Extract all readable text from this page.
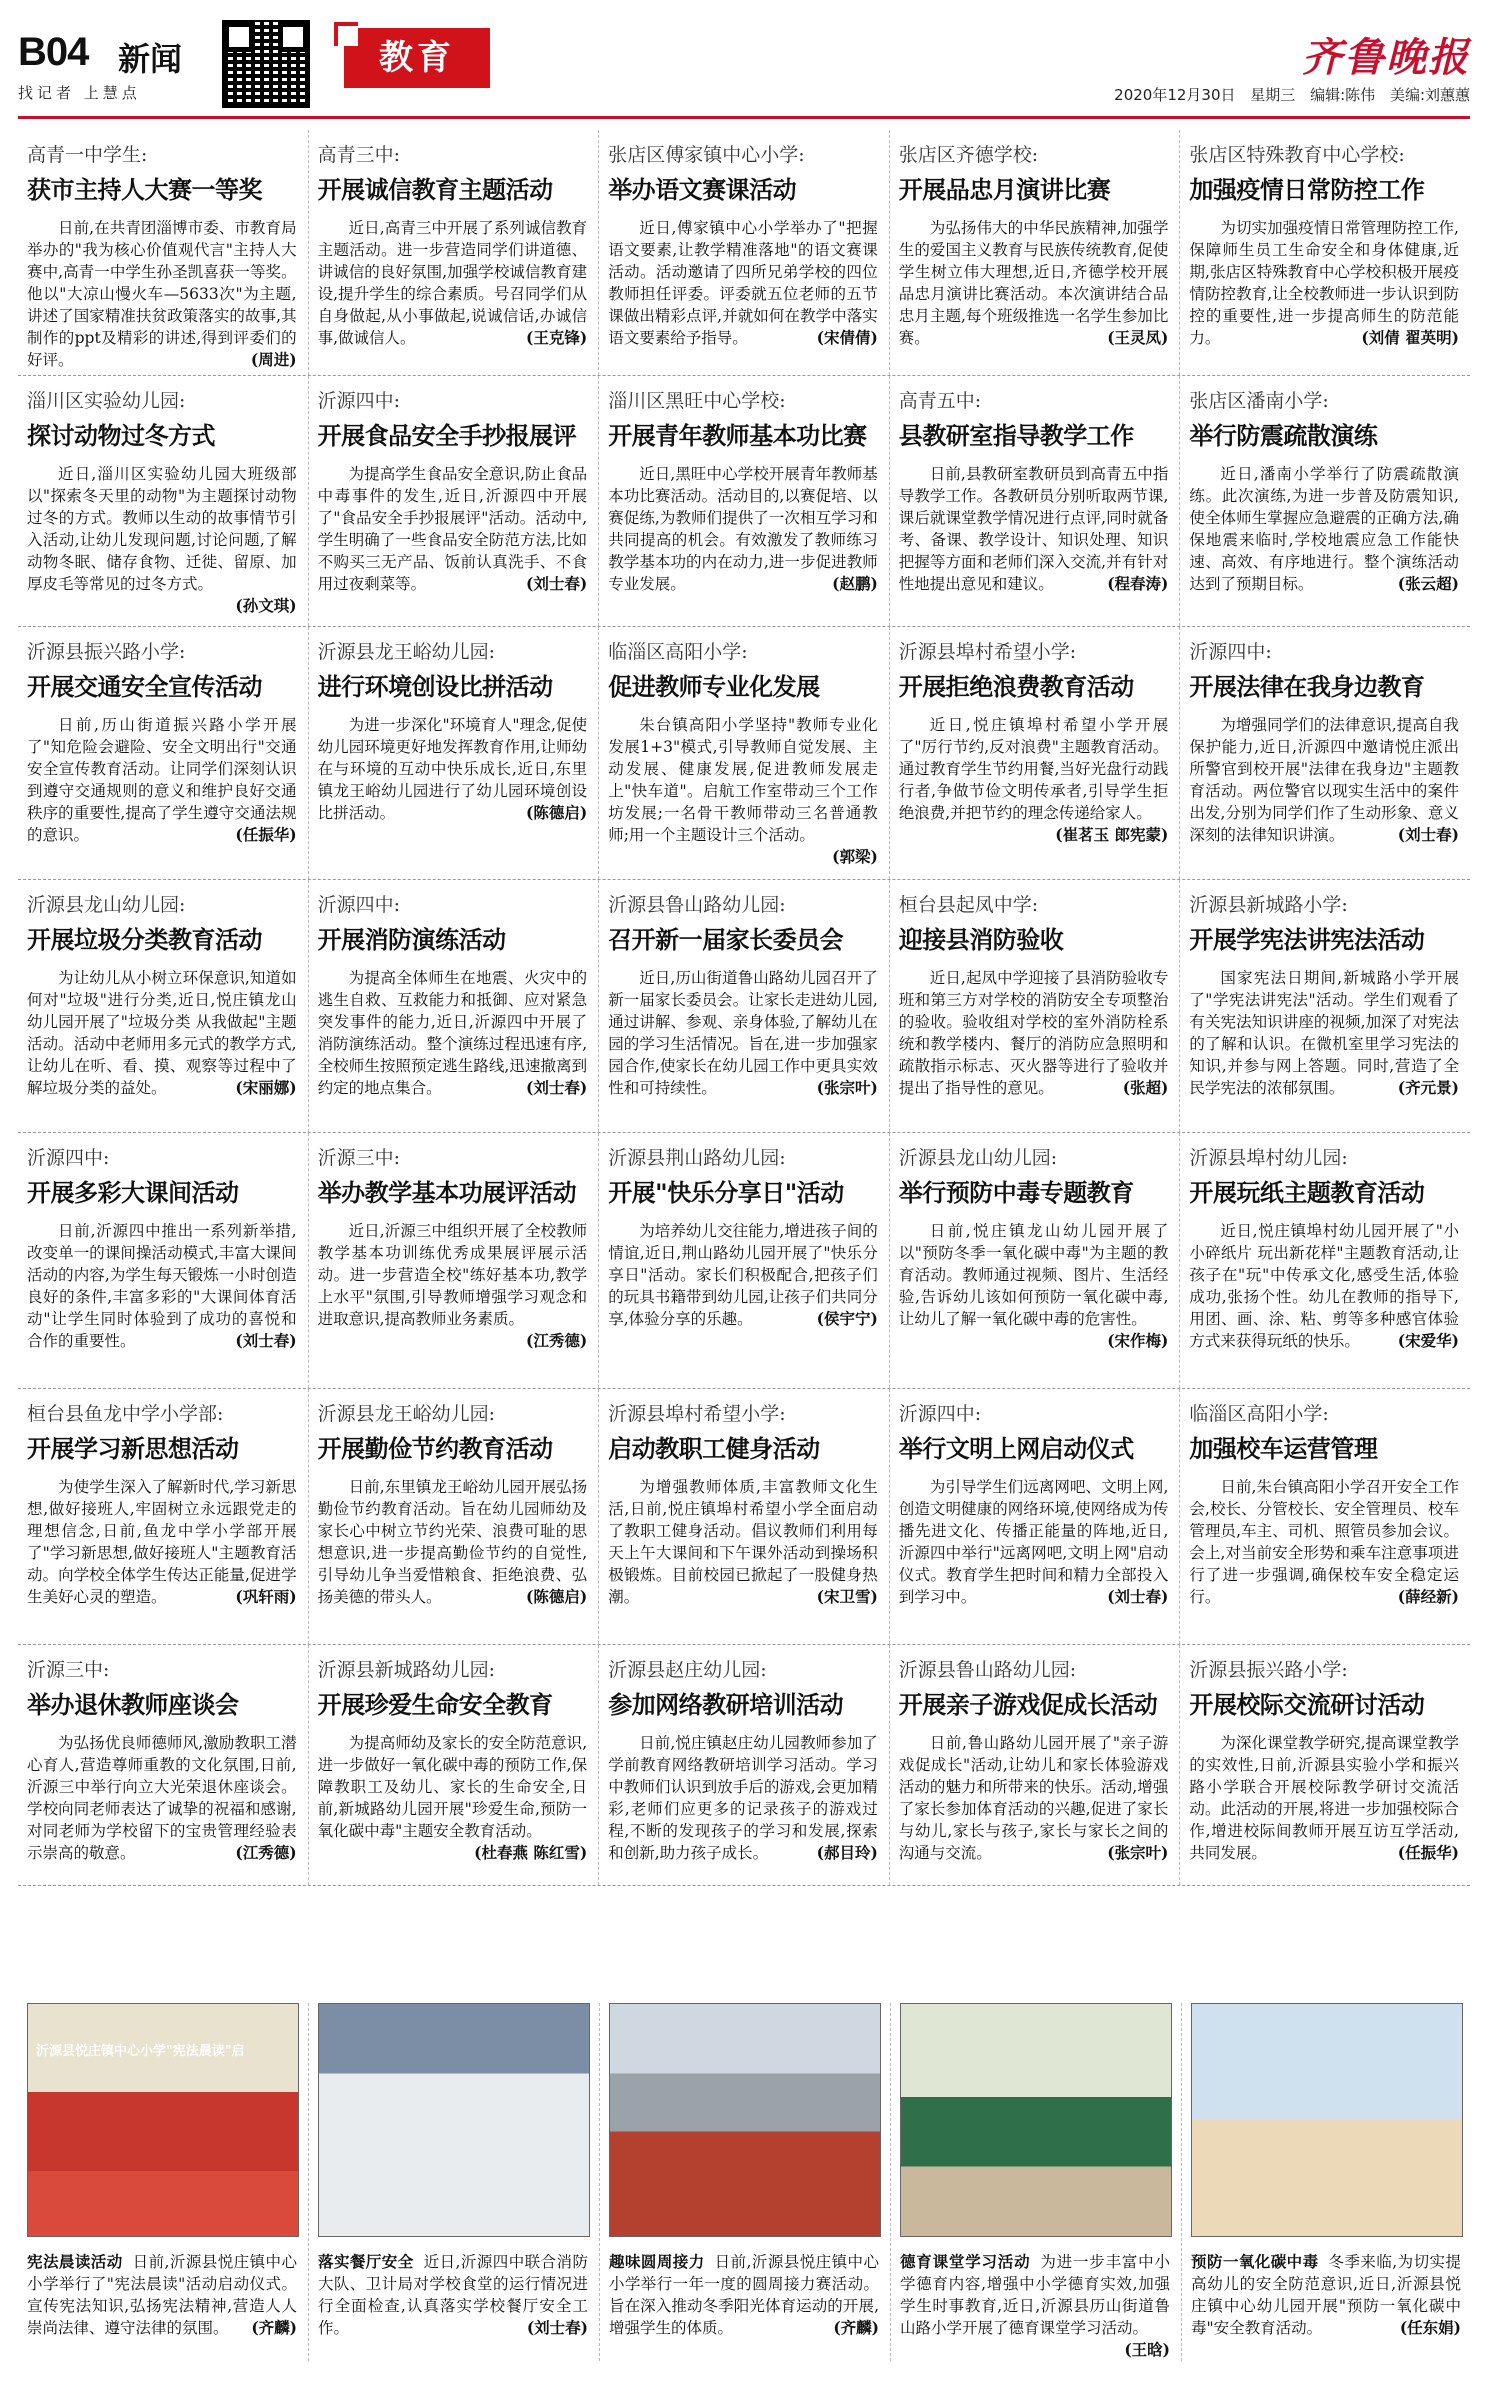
B04 新闻
找记者 上慧点
教育	齐鲁晚报
2020年12月30日 星期三 编辑:陈伟 美编:刘蕙蕙
高青一中学生:
获市主持人大赛一等奖

日前,在共青团淄博市委、市教育局举办的"我为核心价值观代言"主持人大赛中,高青一中学生孙圣凯喜获一等奖。他以"大凉山慢火车—5633次"为主题,讲述了国家精准扶贫政策落实的故事,其制作的ppt及精彩的讲述,得到评委们的好评。	(周进)

高青三中:
开展诚信教育主题活动

近日,高青三中开展了系列诚信教育主题活动。进一步营造同学们讲道德、讲诚信的良好氛围,加强学校诚信教育建设,提升学生的综合素质。号召同学们从自身做起,从小事做起,说诚信话,办诚信事,做诚信人。	(王克锋)

张店区傅家镇中心小学:
举办语文赛课活动

近日,傅家镇中心小学举办了"把握语文要素,让教学精准落地"的语文赛课活动。活动邀请了四所兄弟学校的四位教师担任评委。评委就五位老师的五节课做出精彩点评,并就如何在教学中落实语文要素给予指导。	(宋倩倩)

张店区齐德学校:
开展品忠月演讲比赛

为弘扬伟大的中华民族精神,加强学生的爱国主义教育与民族传统教育,促使学生树立伟大理想,近日,齐德学校开展品忠月演讲比赛活动。本次演讲结合品忠月主题,每个班级推选一名学生参加比赛。	(王灵凤)

张店区特殊教育中心学校:
加强疫情日常防控工作

为切实加强疫情日常管理防控工作,保障师生员工生命安全和身体健康,近期,张店区特殊教育中心学校积极开展疫情防控教育,让全校教师进一步认识到防控的重要性,进一步提高师生的防范能力。	(刘倩 翟英明)

淄川区实验幼儿园:
探讨动物过冬方式

近日,淄川区实验幼儿园大班级部以"探索冬天里的动物"为主题探讨动物过冬的方式。教师以生动的故事情节引入活动,让幼儿发现问题,讨论问题,了解动物冬眠、储存食物、迁徙、留原、加厚皮毛等常见的过冬方式。
(孙文琪)

沂源四中:
开展食品安全手抄报展评

为提高学生食品安全意识,防止食品中毒事件的发生,近日,沂源四中开展了"食品安全手抄报展评"活动。活动中,学生明确了一些食品安全防范方法,比如不购买三无产品、饭前认真洗手、不食用过夜剩菜等。	(刘士春)

淄川区黑旺中心学校:
开展青年教师基本功比赛

近日,黑旺中心学校开展青年教师基本功比赛活动。活动目的,以赛促培、以赛促练,为教师们提供了一次相互学习和共同提高的机会。有效激发了教师练习教学基本功的内在动力,进一步促进教师专业发展。	(赵鹏)

高青五中:
县教研室指导教学工作

日前,县教研室教研员到高青五中指导教学工作。各教研员分别听取两节课,课后就课堂教学情况进行点评,同时就备考、备课、教学设计、知识处理、知识把握等方面和老师们深入交流,并有针对性地提出意见和建议。	(程春涛)

张店区潘南小学:
举行防震疏散演练

近日,潘南小学举行了防震疏散演练。此次演练,为进一步普及防震知识,使全体师生掌握应急避震的正确方法,确保地震来临时,学校地震应急工作能快速、高效、有序地进行。整个演练活动达到了预期目标。	(张云超)

沂源县振兴路小学:
开展交通安全宣传活动

日前,历山街道振兴路小学开展了"知危险会避险、安全文明出行"交通安全宣传教育活动。让同学们深刻认识到遵守交通规则的意义和维护良好交通秩序的重要性,提高了学生遵守交通法规的意识。	(任振华)

沂源县龙王峪幼儿园:
进行环境创设比拼活动

为进一步深化"环境育人"理念,促使幼儿园环境更好地发挥教育作用,让师幼在与环境的互动中快乐成长,近日,东里镇龙王峪幼儿园进行了幼儿园环境创设比拼活动。	(陈德启)

临淄区高阳小学:
促进教师专业化发展

朱台镇高阳小学坚持"教师专业化发展1+3"模式,引导教师自觉发展、主动发展、健康发展,促进教师发展走上"快车道"。启航工作室带动三个工作坊发展;一名骨干教师带动三名普通教师;用一个主题设计三个活动。
(郭梁)

沂源县埠村希望小学:
开展拒绝浪费教育活动

近日,悦庄镇埠村希望小学开展了"厉行节约,反对浪费"主题教育活动。通过教育学生节约用餐,当好光盘行动践行者,争做节俭文明传承者,引导学生拒绝浪费,并把节约的理念传递给家人。
(崔茗玉 郎宪蒙)

沂源四中:
开展法律在我身边教育

为增强同学们的法律意识,提高自我保护能力,近日,沂源四中邀请悦庄派出所警官到校开展"法律在我身边"主题教育活动。两位警官以现实生活中的案件出发,分别为同学们作了生动形象、意义深刻的法律知识讲演。	(刘士春)

沂源县龙山幼儿园:
开展垃圾分类教育活动

为让幼儿从小树立环保意识,知道如何对"垃圾"进行分类,近日,悦庄镇龙山幼儿园开展了"垃圾分类 从我做起"主题活动。活动中老师用多元式的教学方式,让幼儿在听、看、摸、观察等过程中了解垃圾分类的益处。	(宋丽娜)

沂源四中:
开展消防演练活动

为提高全体师生在地震、火灾中的逃生自救、互救能力和抵御、应对紧急突发事件的能力,近日,沂源四中开展了消防演练活动。整个演练过程迅速有序,全校师生按照预定逃生路线,迅速撤离到约定的地点集合。	(刘士春)

沂源县鲁山路幼儿园:
召开新一届家长委员会

近日,历山街道鲁山路幼儿园召开了新一届家长委员会。让家长走进幼儿园,通过讲解、参观、亲身体验,了解幼儿在园的学习生活情况。旨在,进一步加强家园合作,使家长在幼儿园工作中更具实效性和可持续性。	(张宗叶)

桓台县起凤中学:
迎接县消防验收

近日,起凤中学迎接了县消防验收专班和第三方对学校的消防安全专项整治的验收。验收组对学校的室外消防栓系统和教学楼内、餐厅的消防应急照明和疏散指示标志、灭火器等进行了验收并提出了指导性的意见。	(张超)

沂源县新城路小学:
开展学宪法讲宪法活动

国家宪法日期间,新城路小学开展了"学宪法讲宪法"活动。学生们观看了有关宪法知识讲座的视频,加深了对宪法的了解和认识。在微机室里学习宪法的知识,并参与网上答题。同时,营造了全民学宪法的浓郁氛围。	(齐元景)

沂源四中:
开展多彩大课间活动

日前,沂源四中推出一系列新举措,改变单一的课间操活动模式,丰富大课间活动的内容,为学生每天锻炼一小时创造良好的条件,丰富多彩的"大课间体育活动"让学生同时体验到了成功的喜悦和合作的重要性。	(刘士春)

沂源三中:
举办教学基本功展评活动

近日,沂源三中组织开展了全校教师教学基本功训练优秀成果展评展示活动。进一步营造全校"练好基本功,教学上水平"氛围,引导教师增强学习观念和进取意识,提高教师业务素质。
(江秀德)

沂源县荆山路幼儿园:
开展"快乐分享日"活动

为培养幼儿交往能力,增进孩子间的情谊,近日,荆山路幼儿园开展了"快乐分享日"活动。家长们积极配合,把孩子们的玩具书籍带到幼儿园,让孩子们共同分享,体验分享的乐趣。	(侯宇宁)

沂源县龙山幼儿园:
举行预防中毒专题教育

日前,悦庄镇龙山幼儿园开展了以"预防冬季一氧化碳中毒"为主题的教育活动。教师通过视频、图片、生活经验,告诉幼儿该如何预防一氧化碳中毒,让幼儿了解一氧化碳中毒的危害性。
(宋作梅)

沂源县埠村幼儿园:
开展玩纸主题教育活动

近日,悦庄镇埠村幼儿园开展了"小小碎纸片 玩出新花样"主题教育活动,让孩子在"玩"中传承文化,感受生活,体验成功,张扬个性。幼儿在教师的指导下,用团、画、涂、粘、剪等多种感官体验方式来获得玩纸的快乐。	(宋爱华)

桓台县鱼龙中学小学部:
开展学习新思想活动

为使学生深入了解新时代,学习新思想,做好接班人,牢固树立永远跟党走的理想信念,日前,鱼龙中学小学部开展了"学习新思想,做好接班人"主题教育活动。向学校全体学生传达正能量,促进学生美好心灵的塑造。	(巩轩雨)

沂源县龙王峪幼儿园:
开展勤俭节约教育活动

日前,东里镇龙王峪幼儿园开展弘扬勤俭节约教育活动。旨在幼儿园师幼及家长心中树立节约光荣、浪费可耻的思想意识,进一步提高勤俭节约的自觉性,引导幼儿争当爱惜粮食、拒绝浪费、弘扬美德的带头人。	(陈德启)

沂源县埠村希望小学:
启动教职工健身活动

为增强教师体质,丰富教师文化生活,日前,悦庄镇埠村希望小学全面启动了教职工健身活动。倡议教师们利用每天上午大课间和下午课外活动到操场积极锻炼。目前校园已掀起了一股健身热潮。	(宋卫雪)

沂源四中:
举行文明上网启动仪式

为引导学生们远离网吧、文明上网,创造文明健康的网络环境,使网络成为传播先进文化、传播正能量的阵地,近日,沂源四中举行"远离网吧,文明上网"启动仪式。教育学生把时间和精力全部投入到学习中。	(刘士春)

临淄区高阳小学:
加强校车运营管理

日前,朱台镇高阳小学召开安全工作会,校长、分管校长、安全管理员、校车管理员,车主、司机、照管员参加会议。会上,对当前安全形势和乘车注意事项进行了进一步强调,确保校车安全稳定运行。	(薛经新)

沂源三中:
举办退休教师座谈会

为弘扬优良师德师风,激励教职工潜心育人,营造尊师重教的文化氛围,日前,沂源三中举行向立大光荣退休座谈会。学校向同老师表达了诚挚的祝福和感谢,对同老师为学校留下的宝贵管理经验表示崇高的敬意。	(江秀德)

沂源县新城路幼儿园:
开展珍爱生命安全教育

为提高师幼及家长的安全防范意识,进一步做好一氧化碳中毒的预防工作,保障教职工及幼儿、家长的生命安全,日前,新城路幼儿园开展"珍爱生命,预防一氧化碳中毒"主题安全教育活动。
(杜春燕 陈红雪)

沂源县赵庄幼儿园:
参加网络教研培训活动

日前,悦庄镇赵庄幼儿园教师参加了学前教育网络教研培训学习活动。学习中教师们认识到放手后的游戏,会更加精彩,老师们应更多的记录孩子的游戏过程,不断的发现孩子的学习和发展,探索和创新,助力孩子成长。	(郝目玲)

沂源县鲁山路幼儿园:
开展亲子游戏促成长活动

日前,鲁山路幼儿园开展了"亲子游戏促成长"活动,让幼儿和家长体验游戏活动的魅力和所带来的快乐。活动,增强了家长参加体育活动的兴趣,促进了家长与幼儿,家长与孩子,家长与家长之间的沟通与交流。	(张宗叶)

沂源县振兴路小学:
开展校际交流研讨活动

为深化课堂教学研究,提高课堂教学的实效性,日前,沂源县实验小学和振兴路小学联合开展校际教学研讨交流活动。此活动的开展,将进一步加强校际合作,增进校际间教师开展互访互学活动,共同发展。	(任振华)

沂源县悦庄镇中心小学"宪法晨读"启
宪法晨读活动 日前,沂源县悦庄镇中心小学举行了"宪法晨读"活动启动仪式。宣传宪法知识,弘扬宪法精神,营造人人崇尚法律、遵守法律的氛围。 (齐麟)
落实餐厅安全 近日,沂源四中联合消防大队、卫计局对学校食堂的运行情况进行全面检查,认真落实学校餐厅安全工作。	(刘士春)
趣味圆周接力 日前,沂源县悦庄镇中心小学举行一年一度的圆周接力赛活动。旨在深入推动冬季阳光体育运动的开展,增强学生的体质。	(齐麟)
德育课堂学习活动 为进一步丰富中小学德育内容,增强中小学德育实效,加强学生时事教育,近日,沂源县历山街道鲁山路小学开展了德育课堂学习活动。
(王晗)
预防一氧化碳中毒 冬季来临,为切实提高幼儿的安全防范意识,近日,沂源县悦庄镇中心幼儿园开展"预防一氧化碳中毒"安全教育活动。	(任东娟)
